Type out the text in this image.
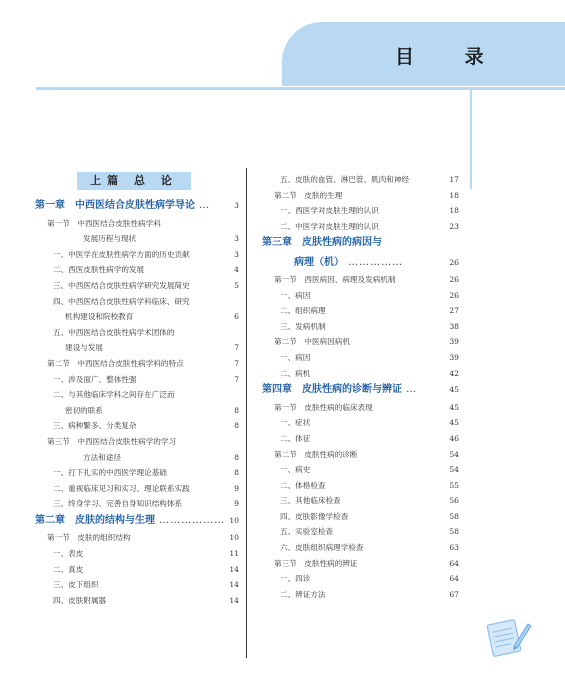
目 录
上篇 总 论
第一章　中西医结合皮肤性病学导论 …	3
第一节　中西医结合皮肤性病学科
发展历程与现状	3
一、中医学在皮肤性病学方面的历史贡献	3
二、西医皮肤性病学的发展	4
三、中西医结合皮肤性病学研究发展简史	5
四、中西医结合皮肤性病学科临床、研究
机构建设和院校教育	6
五、中西医结合皮肤性病学术团体的
建设与发展	7
第二节　中西医结合皮肤性病学科的特点	7
一、涉及面广、整体性强	7
二、与其他临床学科之间存在广泛而
密切的联系	8
三、病种繁多、分类复杂	8
第三节　中西医结合皮肤性病学的学习
方法和途径	8
一、打下扎实的中西医学理论基础	8
二、重视临床见习和实习、理论联系实践	9
三、终身学习、完善自身知识结构体系	9
第二章　皮肤的结构与生理 ……………… 10
第一节　皮肤的组织结构	10
一、表皮	11
二、真皮	14
三、皮下组织	14
四、皮肤附属器	14
五、皮肤的血管、淋巴管、肌肉和神经	17
第二节　皮肤的生理	18
一、西医学对皮肤生理的认识	18
二、中医学对皮肤生理的认识	23
第三章　皮肤性病的病因与
病理（机） ……………	26
第一节　西医病因、病理及发病机制	26
一、病因	26
二、组织病理	27
三、发病机制	38
第二节　中医病因病机	39
一、病因	39
二、病机	42
第四章　皮肤性病的诊断与辨证 …	45
第一节　皮肤性病的临床表现	45
一、症状	45
二、体征	46
第二节　皮肤性病的诊断	54
一、病史	54
二、体格检查	55
三、其他临床检查	56
四、皮肤影像学检查	58
五、实验室检查	58
六、皮肤组织病理学检查	63
第三节　皮肤性病的辨证	64
一、四诊	64
二、辨证方法	67
